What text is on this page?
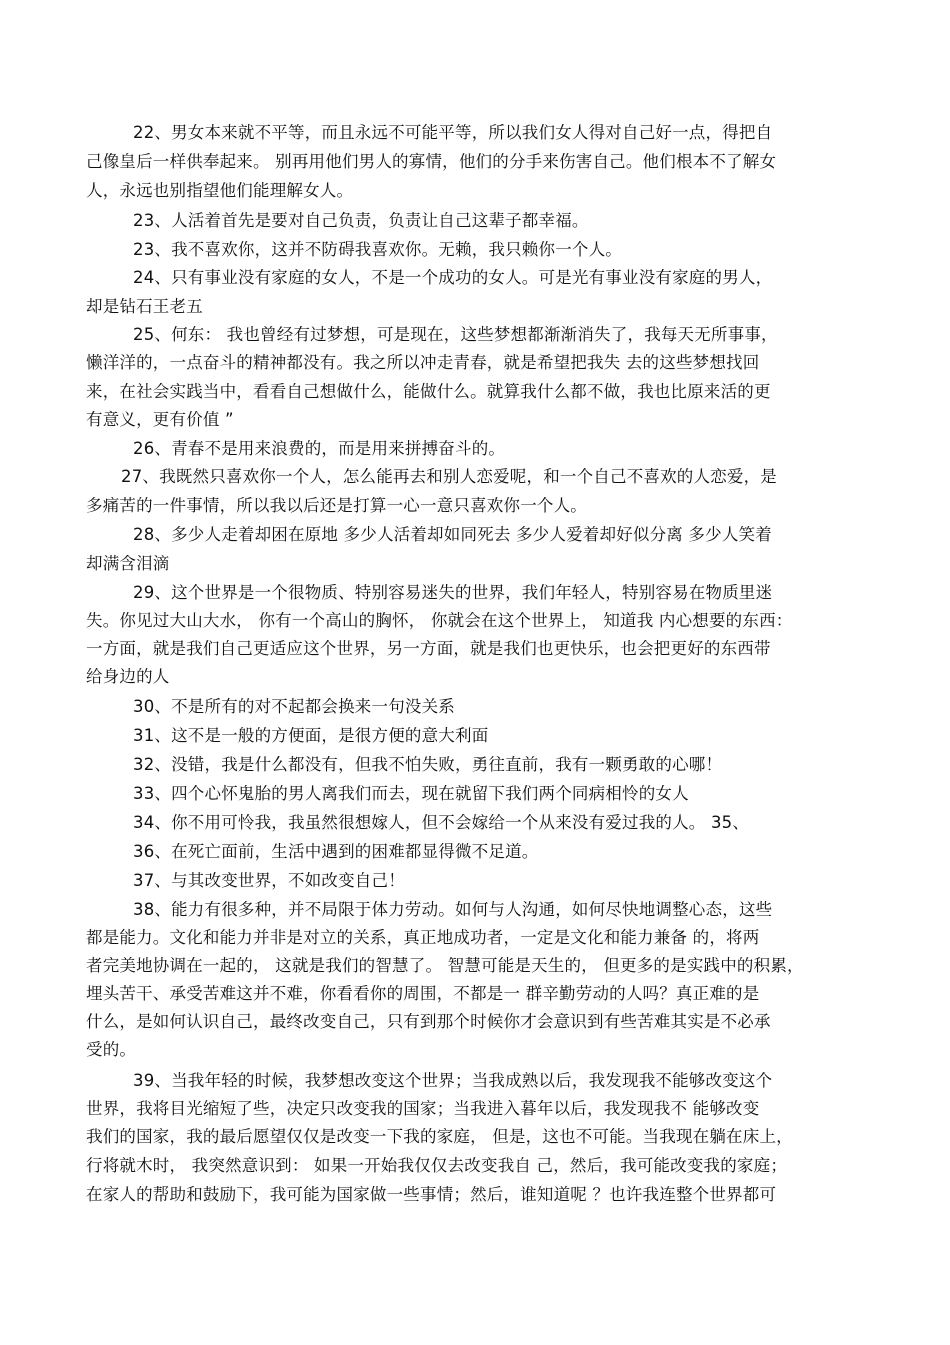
22、男女本来就不平等，而且永远不可能平等，所以我们女人得对自己好一点，得把自
己像皇后一样供奉起来。 别再用他们男人的寡情，他们的分手来伤害自己。他们根本不了解女
人，永远也别指望他们能理解女人。
23、人活着首先是要对自己负责，负责让自己这辈子都幸福。
23、我不喜欢你，这并不防碍我喜欢你。无赖，我只赖你一个人。
24、只有事业没有家庭的女人，不是一个成功的女人。可是光有事业没有家庭的男人，
却是钻石王老五
25、何东： 我也曾经有过梦想，可是现在，这些梦想都渐渐消失了，我每天无所事事，
懒洋洋的，一点奋斗的精神都没有。我之所以冲走青春，就是希望把我失 去的这些梦想找回
来，在社会实践当中，看看自己想做什么，能做什么。就算我什么都不做，我也比原来活的更
有意义，更有价值 ”
26、青春不是用来浪费的，而是用来拼搏奋斗的。
27、我既然只喜欢你一个人，怎么能再去和别人恋爱呢，和一个自己不喜欢的人恋爱，是
多痛苦的一件事情，所以我以后还是打算一心一意只喜欢你一个人。
28、多少人走着却困在原地 多少人活着却如同死去 多少人爱着却好似分离 多少人笑着
却满含泪滴
29、这个世界是一个很物质、特别容易迷失的世界，我们年轻人，特别容易在物质里迷
失。你见过大山大水， 你有一个高山的胸怀， 你就会在这个世界上， 知道我 内心想要的东西：
一方面，就是我们自己更适应这个世界，另一方面，就是我们也更快乐，也会把更好的东西带
给身边的人
30、不是所有的对不起都会换来一句没关系
31、这不是一般的方便面，是很方便的意大利面
32、没错，我是什么都没有，但我不怕失败，勇往直前，我有一颗勇敢的心哪！
33、四个心怀鬼胎的男人离我们而去，现在就留下我们两个同病相怜的女人
34、你不用可怜我，我虽然很想嫁人，但不会嫁给一个从来没有爱过我的人。 35、
36、在死亡面前，生活中遇到的困难都显得微不足道。
37、与其改变世界，不如改变自己！
38、能力有很多种，并不局限于体力劳动。如何与人沟通，如何尽快地调整心态，这些
都是能力。文化和能力并非是对立的关系，真正地成功者，一定是文化和能力兼备 的，将两
者完美地协调在一起的， 这就是我们的智慧了。 智慧可能是天生的， 但更多的是实践中的积累，
埋头苦干、承受苦难这并不难，你看看你的周围，不都是一 群辛勤劳动的人吗？真正难的是
什么，是如何认识自己，最终改变自己，只有到那个时候你才会意识到有些苦难其实是不必承
受的。
39、当我年轻的时候，我梦想改变这个世界；当我成熟以后，我发现我不能够改变这个
世界，我将目光缩短了些，决定只改变我的国家；当我进入暮年以后，我发现我不 能够改变
我们的国家，我的最后愿望仅仅是改变一下我的家庭， 但是，这也不可能。当我现在躺在床上，
行将就木时， 我突然意识到： 如果一开始我仅仅去改变我自 己，然后，我可能改变我的家庭；
在家人的帮助和鼓励下，我可能为国家做一些事情；然后，谁知道呢 ？也许我连整个世界都可
